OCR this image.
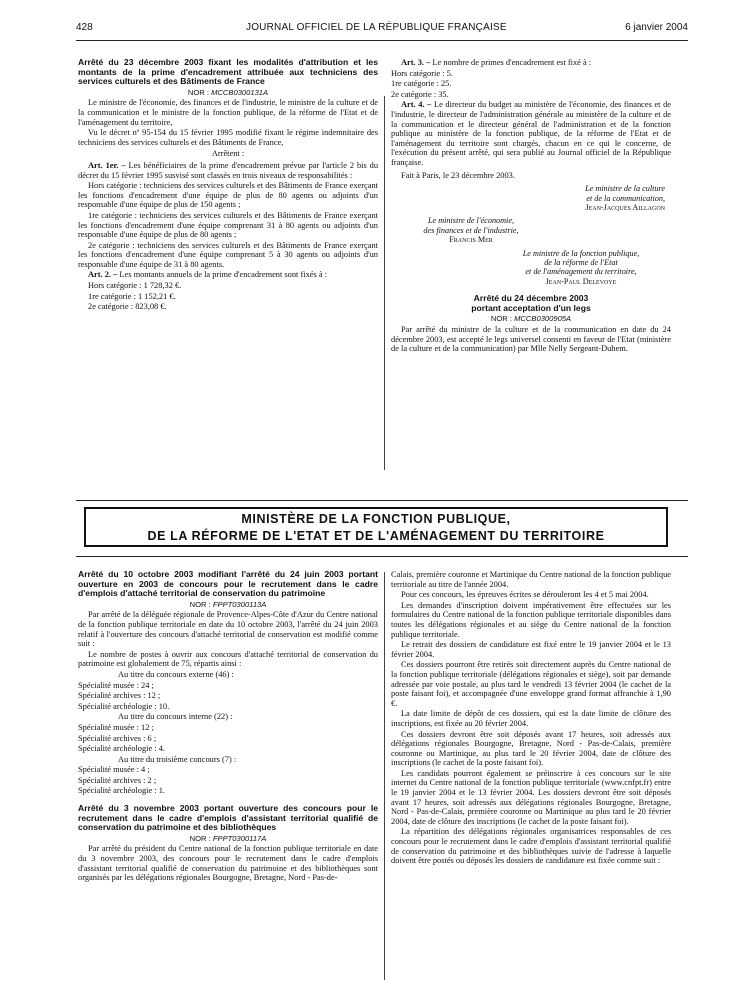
428	JOURNAL OFFICIEL DE LA RÉPUBLIQUE FRANÇAISE	6 janvier 2004

Arrêté du 23 décembre 2003 fixant les modalités d'attribution et les montants de la prime d'encadrement attribuée aux techniciens des services culturels et des Bâtiments de France

NOR : MCCB0300131A

Le ministre de l'économie, des finances et de l'industrie, le ministre de la culture et de la communication et le ministre de la fonction publique, de la réforme de l'Etat et de l'aménagement du territoire,

Vu le décret nº 95-154 du 15 février 1995 modifié fixant le régime indemnitaire des techniciens des services culturels et des Bâtiments de France,

Arrêtent :

Art. 1er. – Les bénéficiaires de la prime d'encadrement prévue par l'article 2 bis du décret du 15 février 1995 susvisé sont classés en trois niveaux de responsabilités :

Hors catégorie : techniciens des services culturels et des Bâtiments de France exerçant les fonctions d'encadrement d'une équipe de plus de 80 agents ou adjoints d'un responsable d'une équipe de plus de 150 agents ;

1re catégorie : techniciens des services culturels et des Bâtiments de France exerçant les fonctions d'encadrement d'une équipe comprenant 31 à 80 agents ou adjoints d'un responsable d'une équipe de plus de 80 agents ;

2e catégorie : techniciens des services culturels et des Bâtiments de France exerçant les fonctions d'encadrement d'une équipe comprenant 5 à 30 agents ou adjoints d'un responsable d'une équipe de 31 à 80 agents.

Art. 2. – Les montants annuels de la prime d'encadrement sont fixés à :

Hors catégorie : 1 728,32 €.

1re catégorie : 1 152,21 €.

2e catégorie : 823,08 €.

Art. 3. – Le nombre de primes d'encadrement est fixé à :

Hors catégorie : 5.

1re catégorie : 25.

2e catégorie : 35.

Art. 4. – Le directeur du budget au ministère de l'économie, des finances et de l'industrie, le directeur de l'administration générale au ministère de la culture et de la communication et le directeur général de l'administration et de la fonction publique au ministère de la fonction publique, de la réforme de l'Etat et de l'aménagement du territoire sont chargés, chacun en ce qui le concerne, de l'exécution du présent arrêté, qui sera publié au Journal officiel de la République française.

Fait à Paris, le 23 décembre 2003.

Le ministre de la culture
et de la communication,
Jean-Jacques Aillagon
Le ministre de l'économie,
des finances et de l'industrie,
Francis Mer
Le ministre de la fonction publique,
de la réforme de l'Etat
et de l'aménagement du territoire,
Jean-Paul Delevoye

Arrêté du 24 décembre 2003

portant acceptation d'un legs

NOR : MCCB0300905A

Par arrêté du ministre de la culture et de la communication en date du 24 décembre 2003, est accepté le legs universel consenti en faveur de l'Etat (ministère de la culture et de la communication) par Mlle Nelly Sergeant-Duhem.

MINISTÈRE DE LA FONCTION PUBLIQUE,
DE LA RÉFORME DE L'ETAT ET DE L'AMÉNAGEMENT DU TERRITOIRE

Arrêté du 10 octobre 2003 modifiant l'arrêté du 24 juin 2003 portant ouverture en 2003 de concours pour le recrutement dans le cadre d'emplois d'attaché territorial de conservation du patrimoine

NOR : FPPT0300113A

Par arrêté de la déléguée régionale de Provence-Alpes-Côte d'Azur du Centre national de la fonction publique territoriale en date du 10 octobre 2003, l'arrêté du 24 juin 2003 relatif à l'ouverture des concours d'attaché territorial de conservation est modifié comme suit :

Le nombre de postes à ouvrir aux concours d'attaché territorial de conservation du patrimoine est globalement de 75, répartis ainsi :

Au titre du concours externe (46) :

Spécialité musée : 24 ;

Spécialité archives : 12 ;

Spécialité archéologie : 10.

Au titre du concours interne (22) :

Spécialité musée : 12 ;

Spécialité archives : 6 ;

Spécialité archéologie : 4.

Au titre du troisième concours (7) :

Spécialité musée : 4 ;

Spécialité archives : 2 ;

Spécialité archéologie : 1.

Arrêté du 3 novembre 2003 portant ouverture des concours pour le recrutement dans le cadre d'emplois d'assistant territorial qualifié de conservation du patrimoine et des bibliothèques

NOR : FPPT0300117A

Par arrêté du président du Centre national de la fonction publique territoriale en date du 3 novembre 2003, des concours pour le recrutement dans le cadre d'emplois d'assistant territorial qualifié de conservation du patrimoine et des bibliothèques sont organisés par les délégations régionales Bourgogne, Bretagne, Nord - Pas-de-

Calais, première couronne et Martinique du Centre national de la fonction publique territoriale au titre de l'année 2004.

Pour ces concours, les épreuves écrites se dérouleront les 4 et 5 mai 2004.

Les demandes d'inscription doivent impérativement être effectuées sur les formulaires du Centre national de la fonction publique territoriale disponibles dans toutes les délégations régionales et au siège du Centre national de la fonction publique territoriale.

Le retrait des dossiers de candidature est fixé entre le 19 janvier 2004 et le 13 février 2004.

Ces dossiers pourront être retirés soit directement auprès du Centre national de la fonction publique territoriale (délégations régionales et siège), soit par demande adressée par voie postale, au plus tard le vendredi 13 février 2004 (le cachet de la poste faisant foi), et accompagnée d'une enveloppe grand format affranchie à 1,90 €.

La date limite de dépôt de ces dossiers, qui est la date limite de clôture des inscriptions, est fixée au 20 février 2004.

Ces dossiers devront être soit déposés avant 17 heures, soit adressés aux délégations régionales Bourgogne, Bretagne, Nord - Pas-de-Calais, première couronne ou Martinique, au plus tard le 20 février 2004, date de clôture des inscriptions (le cachet de la poste faisant foi).

Les candidats pourront également se préinscrire à ces concours sur le site internet du Centre national de la fonction publique territoriale (www.cnfpt.fr) entre le 19 janvier 2004 et le 13 février 2004. Les dossiers devront être soit déposés avant 17 heures, soit adressés aux délégations régionales Bourgogne, Bretagne, Nord - Pas-de-Calais, première couronne ou Martinique au plus tard le 20 février 2004, date de clôture des inscriptions (le cachet de la poste faisant foi).

La répartition des délégations régionales organisatrices responsables de ces concours pour le recrutement dans le cadre d'emplois d'assistant territorial qualifié de conservation du patrimoine et des bibliothèques suivie de l'adresse à laquelle doivent être postés ou déposés les dossiers de candidature est fixée comme suit :
